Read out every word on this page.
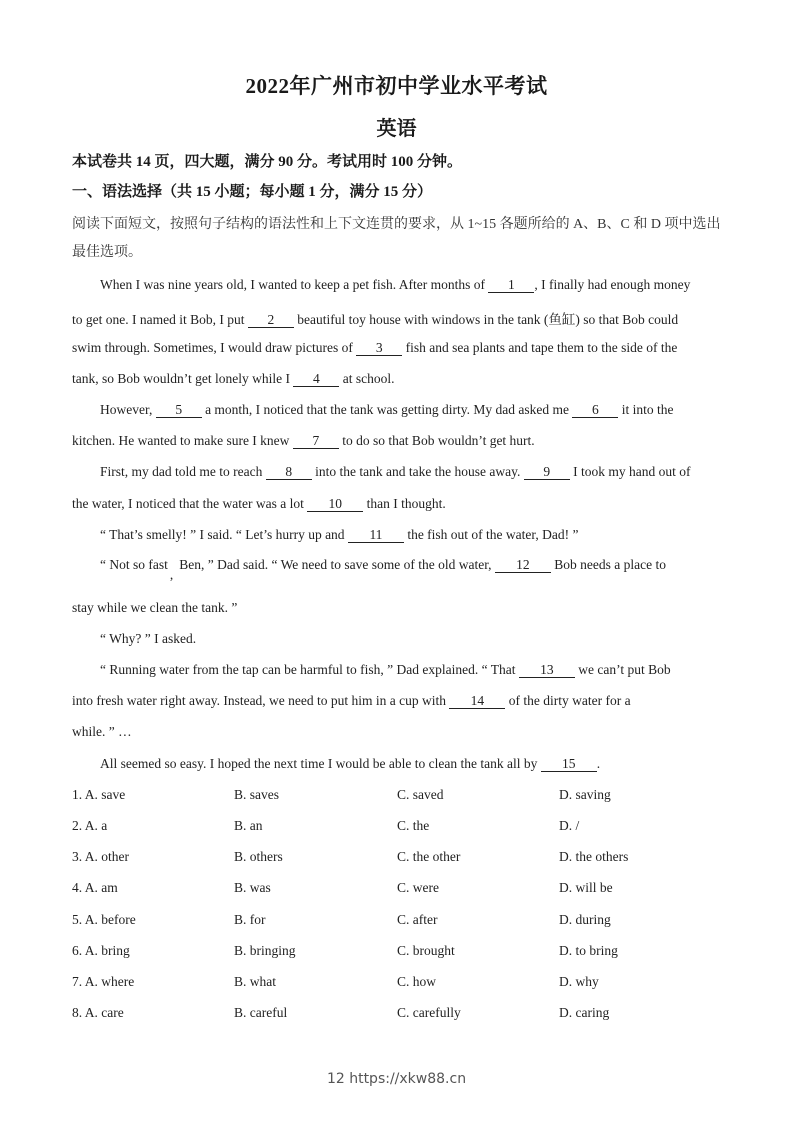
2022年广州市初中学业水平考试
英语
本试卷共 14 页，四大题，满分 90 分。考试用时 100 分钟。
一、语法选择（共 15 小题；每小题 1 分，满分 15 分）
阅读下面短文，按照句子结构的语法性和上下文连贯的要求，从 1~15 各题所给的 A、B、C 和 D 项中选出最佳选项。
When I was nine years old, I wanted to keep a pet fish. After months of 1 , I finally had enough money
to get one. I named it Bob, I put 2 beautiful toy house with windows in the tank (鱼缸) so that Bob could
swim through. Sometimes, I would draw pictures of 3 fish and sea plants and tape them to the side of the
tank, so Bob wouldn’t get lonely while I 4 at school.
However, 5 a month, I noticed that the tank was getting dirty. My dad asked me 6 it into the
kitchen. He wanted to make sure I knew 7 to do so that Bob wouldn’t get hurt.
First, my dad told me to reach 8 into the tank and take the house away. 9 I took my hand out of
the water, I noticed that the water was a lot 10 than I thought.
“ That’s smelly! ” I said. “ Let’s hurry up and 11 the fish out of the water, Dad! ”
“ Not so fast,Ben, ” Dad said. “ We need to save some of the old water, 12 Bob needs a place to
stay while we clean the tank. ”
“ Why? ” I asked.
“ Running water from the tap can be harmful to fish, ” Dad explained. “ That 13 we can’t put Bob
into fresh water right away. Instead, we need to put him in a cup with 14 of the dirty water for a
while. ” …
All seemed so easy. I hoped the next time I would be able to clean the tank all by 15 .
1. A. save	B. saves	C. saved	D. saving
2. A. a	B. an	C. the	D. /
3. A. other	B. others	C. the other	D. the others
4. A. am	B. was	C. were	D. will be
5. A. before	B. for	C. after	D. during
6. A. bring	B. bringing	C. brought	D. to bring
7. A. where	B. what	C. how	D. why
8. A. care	B. careful	C. carefully	D. caring
12 https://xkw88.cn
